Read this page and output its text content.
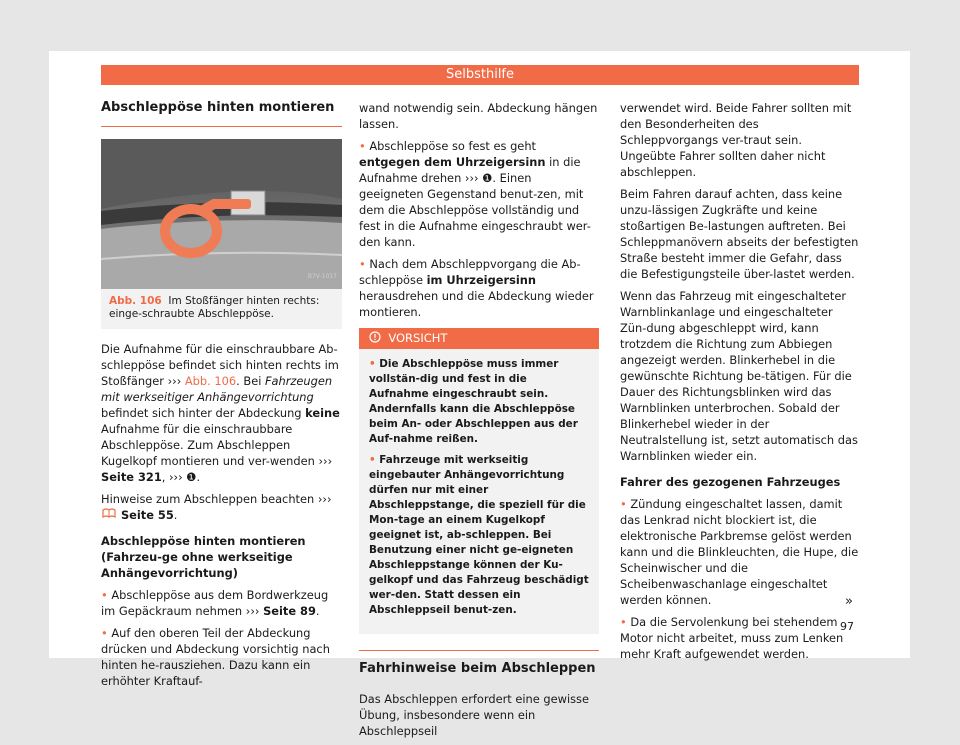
Selbsthilfe
Abschleppöse hinten montieren
B7V-1017
Abb. 106 Im Stoßfänger hinten rechts: einge-schraubte Abschleppöse.

Die Aufnahme für die einschraubbare Ab-schleppöse befindet sich hinten rechts im Stoßfänger ››› Abb. 106. Bei Fahrzeugen mit werkseitiger Anhängevorrichtung befindet sich hinter der Abdeckung keine Aufnahme für die einschraubbare Abschleppöse. Zum Abschleppen Kugelkopf montieren und ver-wenden ››› Seite 321, ››› ❶.

Hinweise zum Abschleppen beachten ›››  Seite 55.

Abschleppöse hinten montieren (Fahrzeu-ge ohne werkseitige Anhängevorrichtung)

• Abschleppöse aus dem Bordwerkzeug im Gepäckraum nehmen ››› Seite 89.

• Auf den oberen Teil der Abdeckung drücken und Abdeckung vorsichtig nach hinten he-rausziehen. Dazu kann ein erhöhter Kraftauf-

wand notwendig sein. Abdeckung hängen lassen.

• Abschleppöse so fest es geht entgegen dem Uhrzeigersinn in die Aufnahme drehen ››› ❶. Einen geeigneten Gegenstand benut-zen, mit dem die Abschleppöse vollständig und fest in die Aufnahme eingeschraubt wer-den kann.

• Nach dem Abschleppvorgang die Ab-schleppöse im Uhrzeigersinn herausdrehen und die Abdeckung wieder montieren.

VORSICHT

• Die Abschleppöse muss immer vollstän-dig und fest in die Aufnahme eingeschraubt sein. Andernfalls kann die Abschleppöse beim An- oder Abschleppen aus der Auf-nahme reißen.

• Fahrzeuge mit werkseitig eingebauter Anhängevorrichtung dürfen nur mit einer Abschleppstange, die speziell für die Mon-tage an einem Kugelkopf geeignet ist, ab-schleppen. Bei Benutzung einer nicht ge-eigneten Abschleppstange können der Ku-gelkopf und das Fahrzeug beschädigt wer-den. Statt dessen ein Abschleppseil benut-zen.

Fahrhinweise beim Abschleppen

Das Abschleppen erfordert eine gewisse Übung, insbesondere wenn ein Abschleppseil

verwendet wird. Beide Fahrer sollten mit den Besonderheiten des Schleppvorgangs ver-traut sein. Ungeübte Fahrer sollten daher nicht abschleppen.

Beim Fahren darauf achten, dass keine unzu-lässigen Zugkräfte und keine stoßartigen Be-lastungen auftreten. Bei Schleppmanövern abseits der befestigten Straße besteht immer die Gefahr, dass die Befestigungsteile über-lastet werden.

Wenn das Fahrzeug mit eingeschalteter Warnblinkanlage und eingeschalteter Zün-dung abgeschleppt wird, kann trotzdem die Richtung zum Abbiegen angezeigt werden. Blinkerhebel in die gewünschte Richtung be-tätigen. Für die Dauer des Richtungsblinken wird das Warnblinken unterbrochen. Sobald der Blinkerhebel wieder in der Neutralstellung ist, setzt automatisch das Warnblinken wieder ein.

Fahrer des gezogenen Fahrzeuges

• Zündung eingeschaltet lassen, damit das Lenkrad nicht blockiert ist, die elektronische Parkbremse gelöst werden kann und die Blinkleuchten, die Hupe, die Scheinwischer und die Scheibenwaschanlage eingeschaltet werden können.

• Da die Servolenkung bei stehendem Motor nicht arbeitet, muss zum Lenken mehr Kraft aufgewendet werden.

»
97
